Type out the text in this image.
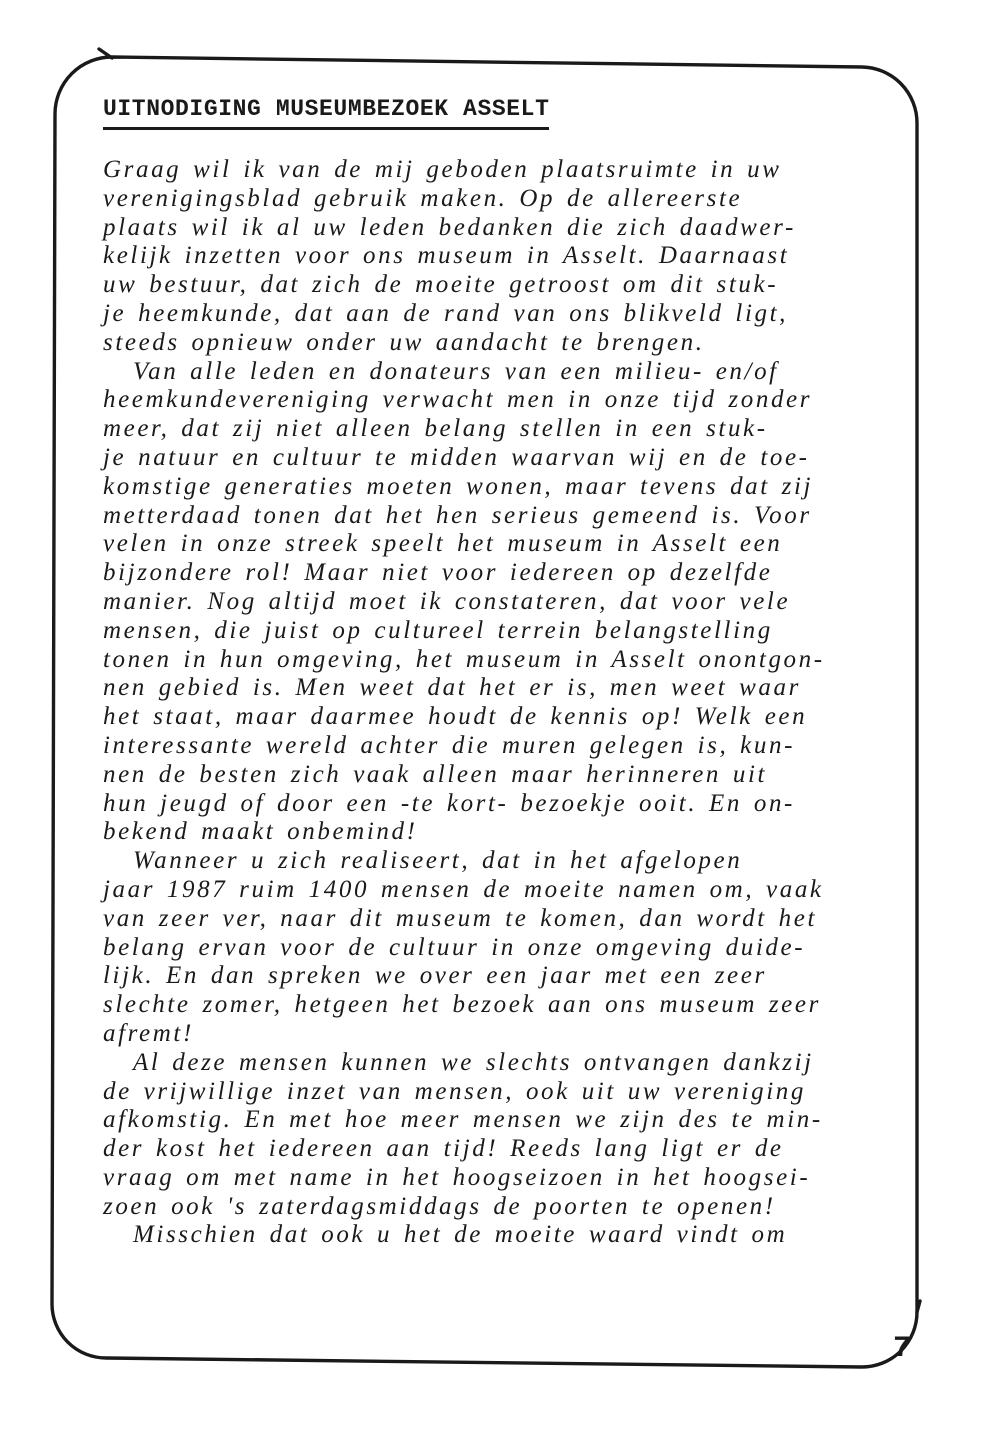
UITNODIGING MUSEUMBEZOEK ASSELT
Graag wil ik van de mij geboden plaatsruimte in uw
verenigingsblad gebruik maken. Op de allereerste
plaats wil ik al uw leden bedanken die zich daadwer-
kelijk inzetten voor ons museum in Asselt. Daarnaast
uw bestuur, dat zich de moeite getroost om dit stuk-
je heemkunde, dat aan de rand van ons blikveld ligt,
steeds opnieuw onder uw aandacht te brengen.
Van alle leden en donateurs van een milieu- en/of
heemkundevereniging verwacht men in onze tijd zonder
meer, dat zij niet alleen belang stellen in een stuk-
je natuur en cultuur te midden waarvan wij en de toe-
komstige generaties moeten wonen, maar tevens dat zij
metterdaad tonen dat het hen serieus gemeend is. Voor
velen in onze streek speelt het museum in Asselt een
bijzondere rol! Maar niet voor iedereen op dezelfde
manier. Nog altijd moet ik constateren, dat voor vele
mensen, die juist op cultureel terrein belangstelling
tonen in hun omgeving, het museum in Asselt onontgon-
nen gebied is. Men weet dat het er is, men weet waar
het staat, maar daarmee houdt de kennis op! Welk een
interessante wereld achter die muren gelegen is, kun-
nen de besten zich vaak alleen maar herinneren uit
hun jeugd of door een -te kort- bezoekje ooit. En on-
bekend maakt onbemind!
Wanneer u zich realiseert, dat in het afgelopen
jaar 1987 ruim 1400 mensen de moeite namen om, vaak
van zeer ver, naar dit museum te komen, dan wordt het
belang ervan voor de cultuur in onze omgeving duide-
lijk. En dan spreken we over een jaar met een zeer
slechte zomer, hetgeen het bezoek aan ons museum zeer
afremt!
Al deze mensen kunnen we slechts ontvangen dankzij
de vrijwillige inzet van mensen, ook uit uw vereniging
afkomstig. En met hoe meer mensen we zijn des te min-
der kost het iedereen aan tijd! Reeds lang ligt er de
vraag om met name in het hoogseizoen in het hoogsei-
zoen ook 's zaterdagsmiddags de poorten te openen!
Misschien dat ook u het de moeite waard vindt om
7
